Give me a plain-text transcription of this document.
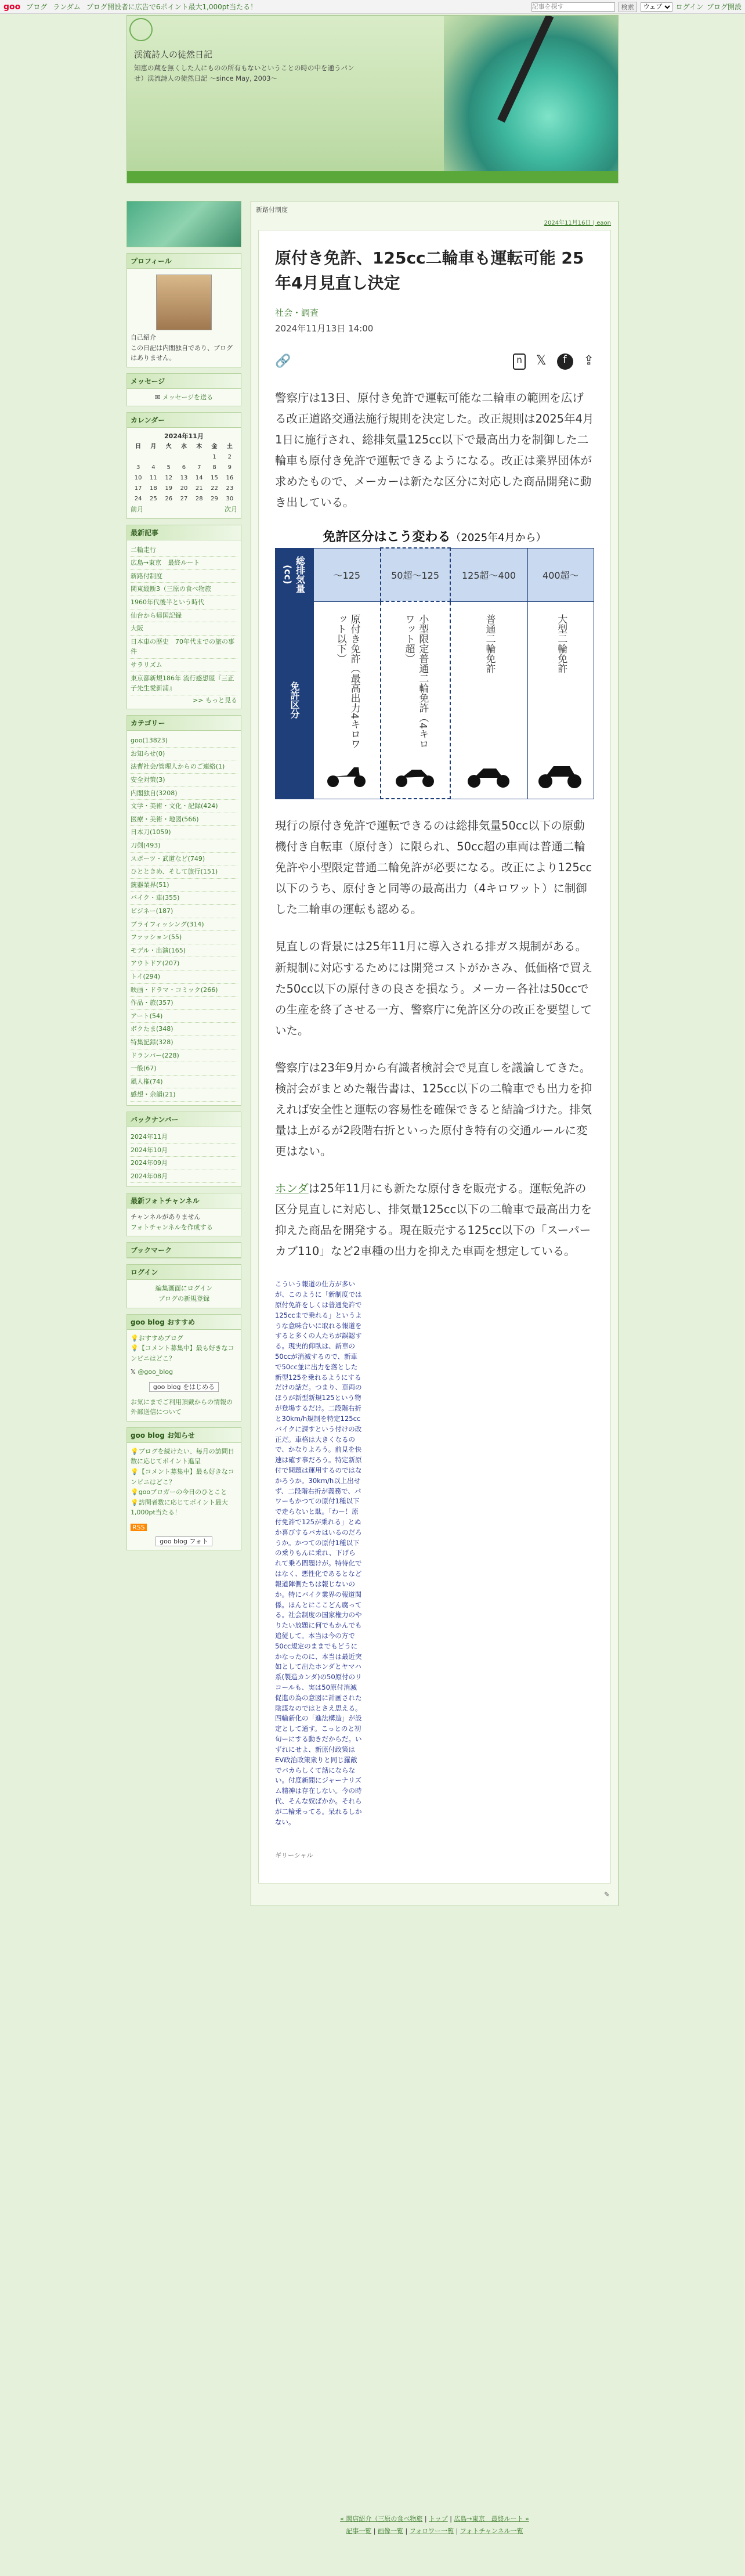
goo ブログ ランダム ブログ開設者に広告で6ポイント最大1,000pt当たる！
記事を探す	検索
ウェブ	ログイン ブログ開設
渓流詩人の徒然日記
知恵の蔵を無くした人にものの所有もないということの時の中を通うパン せ）渓流詩人の徒然日記 ～since May, 2003～
プロフィール
自己紹介
この日記は内閣独自であり、ブログはありません。
メッセージ
✉ メッセージを送る
カレンダー
2024年11月
日	月	火	水	木	金	土
					1	2
3	4	5	6	7	8	9
10	11	12	13	14	15	16
17	18	19	20	21	22	23
24	25	26	27	28	29	30
前月	次月
最新記事
二輪走行
広島→東京　最終ルート
新路付制度
関東縦断3（三原の食べ物旅
1960年代後半という時代
仙台から帰国記録
大阪
日本車の歴史　70年代までの旅の事件
サラリズム
東京都新規186年 流行感想屋『三正子先生愛新浦』
>> もっと見る
カテゴリー
goo(13823)
お知らせ(0)
法曹社会/管理人からのご連絡(1)
安全対策(3)
内閣独自(3208)
文学・美術・文化・記録(424)
医療・美術・地図(566)
日本刀(1059)
刀剣(493)
スポーツ・武道など(749)
ひとときめ、そして旅行(151)
銃器業界(51)
バイク・車(355)
ビジネー(187)
ブライフィッシング(314)
ファッション(55)
モデル・出演(165)
アウトドア(207)
トイ(294)
映画・ドラマ・コミック(266)
作品・旅(357)
アート(54)
ボクたま(348)
特集記録(328)
ドランパー(228)
一般(67)
風人権(74)
感想・余韻(21)
バックナンバー
2024年11月
2024年10月
2024年09月
2024年08月
最新フォトチャンネル
チャンネルがありません
フォトチャンネルを作成する
ブックマーク
ログイン
編集画面にログイン
ブログの新規登録
goo blog おすすめ
💡おすすめブログ
💡【コメント募集中】最も好きなコンビニはどこ？
𝕏 @goo_blog
goo blog をはじめる
お気にまでご利用頂戴からの情報の外部送信について
goo blog お知らせ
💡ブログを続けたい、毎月の訪問日数に応じてポイント進呈
💡【コメント募集中】最も好きなコンビニはどこ？
💡gooブロガーの今日のひとこと
💡訪問者数に応じてポイント最大1,000pt当たる！
RSS
goo blog フォト
新路付制度
2024年11月16日 | eaon
原付き免許、125cc二輪車も運転可能 25年4月見直し決定
社会・調査
2024年11月13日 14:00
🔗	n 𝕏	f	⇪

警察庁は13日、原付き免許で運転可能な二輪車の範囲を広げる改正道路交通法施行規則を決定した。改正規則は2025年4月1日に施行され、総排気量125cc以下で最高出力を制御した二輪車も原付き免許で運転できるようになる。改正は業界団体が求めたもので、メーカーは新たな区分に対応した商品開発に動き出している。

免許区分はこう変わる（2025年4月から）
総排気量(cc)	～125	50超～125	125超～400	400超～
免許区分	原付き免許（最高出力4キロワット以下）	小型限定普通二輪免許（4キロワット超）	普通二輪免許	大型二輪免許

現行の原付き免許で運転できるのは総排気量50cc以下の原動機付き自転車（原付き）に限られ、50cc超の車両は普通二輪免許や小型限定普通二輪免許が必要になる。改正により125cc以下のうち、原付きと同等の最高出力（4キロワット）に制御した二輪車の運転も認める。

見直しの背景には25年11月に導入される排ガス規制がある。新規制に対応するためには開発コストがかさみ、低価格で買えた50cc以下の原付きの良さを損なう。メーカー各社は50ccでの生産を終了させる一方、警察庁に免許区分の改正を要望していた。

警察庁は23年9月から有識者検討会で見直しを議論してきた。検討会がまとめた報告書は、125cc以下の二輪車でも出力を抑えれば安全性と運転の容易性を確保できると結論づけた。排気量は上がるが2段階右折といった原付き特有の交通ルールに変更はない。

ホンダは25年11月にも新たな原付きを販売する。運転免許の区分見直しに対応し、排気量125cc以下の二輪車で最高出力を抑えた商品を開発する。現在販売する125cc以下の「スーパーカブ110」など2車種の出力を抑えた車両を想定している。

こういう報道の仕方が多いが、このように「新制度では原付免許をしくは普通免許で125ccまで乗れる」というような意味合いに取れる報道をすると多くの人たちが誤認する。現実的仰臥は、新車の50ccが消滅するので、新車で50cc並に出力を落とした新型125を乗れるようにするだけの話だ。つまり、車両のほうが新型新規125という物が登場するだけ。二段階右折と30km/h規制を特定125ccバイクに課すという付けの改正だ。車格は大きくなるので、かなりよろう。前見を快速は確す事だろう。特定新原付で問題は運用するのではなかろうか。30km/h以上出せず、二段階右折が義務で、パワーもかつての原付1種以下で走らないと駄。「わー！原付免許で125が乗れる」とぬか喜びするバカはいるのだろうか。かつての原付1種以下の乗りもんに乗れ、下げられて乗ろ間題けが。特待化ではなく、悪性化であるとなど報道陣側たちは報じないのか。特にバイク業界の報道関係。ほんとにここどん腐ってる。社会制度の国家権力のやりたい放題に何でもかんでも追従して。本当は今の方で50cc規定のままでもどうにかなったのに、本当は最近突如として出たホンダとヤマハ系(製造カンダ)の50原付のリコールも、実は50原付消滅促進の為の意図に計画された陰謀なのではとさえ思える。四輪新化の「進法構造」が設定として通す。こっとのと初旬ーにする動きだからだ。いずれにせよ、新原付政策はEV政治政策衆りと同じ羅敵でバカらしくて話にならない。付度新聞にジャーナリズム精神は存在しない。今の時代、そんな奴ばかか。それらが二輪乗ってる。呆れるしかない。
ギリーシャル
✎
« 関店紹介（三原の食べ物旅 | トップ | 広島→東京　最終ルート »
記事一覧 | 画像一覧 | フォロワー一覧 | フォトチャンネル一覧
